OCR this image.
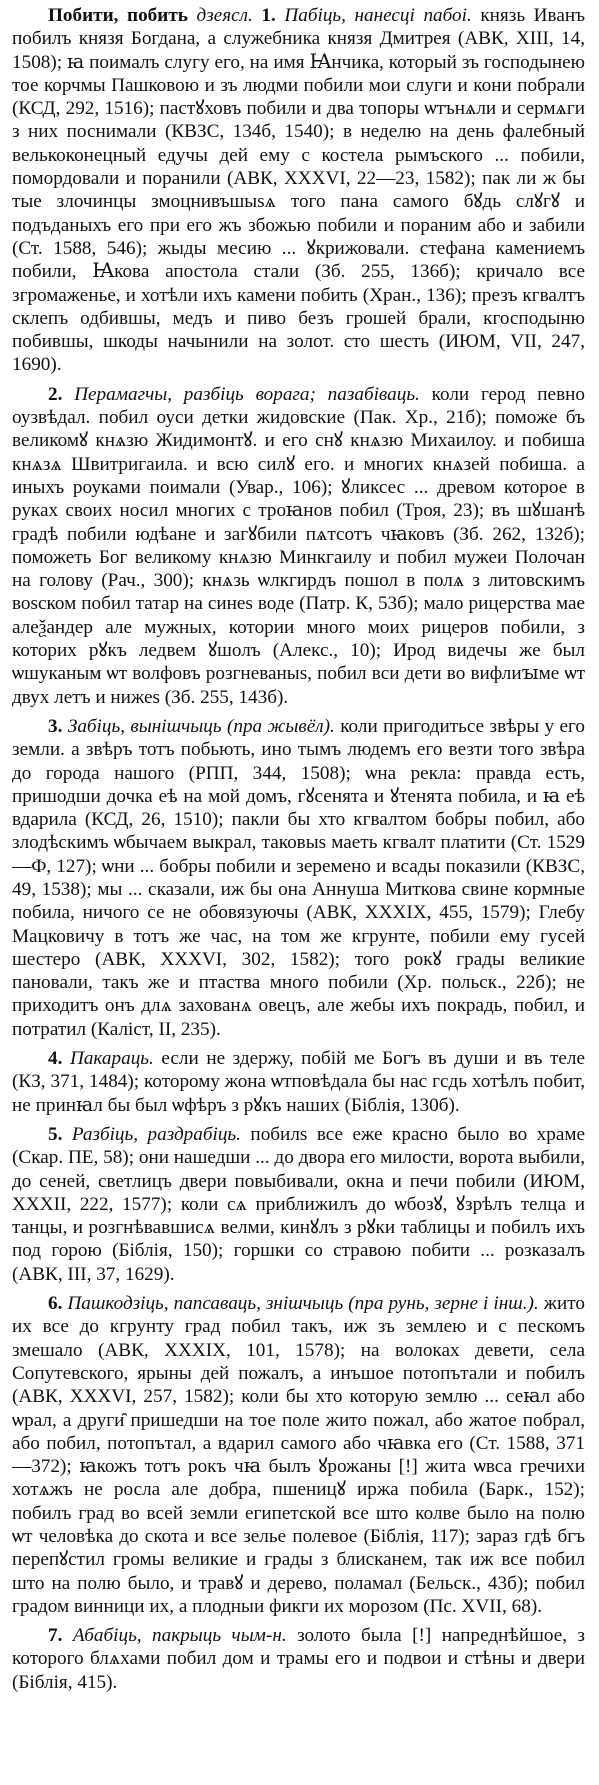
Побити, побить дзеясл. 1. Пабіць, нанесці пабоі. князь Иванъ побилъ князя Богдана, а служебника князя Дмитрея (АВК, XIII, 14, 1508); ꙗ поималъ слугу его, на имя Ꙗнчика, который зъ господынею тое корчмы Пашковою и зъ людми побили мои слуги и кони побрали (КСД, 292, 1516); пастꙋховъ побили и два топоры ѡтънѧли и сермѧги з них поснимали (КВЗС, 134б, 1540); в неделю на день фалебный велькоконецный едучы дей ему с костела рымъского ... побили, помордовали и поранили (АВК, XXXVI, 22—23, 1582); пак ли ж бы тые злочинцы змоцнивъшыѕѧ того пана самого бꙋдь слꙋгꙋ и подъданыхъ его при его жъ збожью побили и пораним або и забили (Ст. 1588, 546); жыды месию ... ꙋкрижовали. стефана камениемъ побили, Ꙗкова апостола стали (Зб. 255, 136б); кричало все згромаженье, и хотѣли ихъ камени побить (Хран., 136); презъ кгвалтъ склепъ одбившы, медъ и пиво безъ грошей брали, кгосподыню побившы, шкоды начынили на золот. сто шесть (ИЮМ, VII, 247, 1690).

2. Перамагчы, разбіць ворага; пазабіваць. коли герод певно оузвѣдал. побил оуси детки жидовские (Пак. Хр., 21б); поможе бъ великомꙋ кнѧзю Жидимонтꙋ. и его снꙋ кнѧзю Михаилоу. и побиша кнѧзѧ Швитригаила. и всю силꙋ его. и многих кнѧзей побиша. а иныхъ роуками поимали (Увар., 106); ꙋликсес ... древом которое в руках своих носил многих с троꙗнов побил (Троя, 23); въ шꙋшанѣ градѣ побили юдѣане и загꙋбили пѧтсотъ чꙗковъ (Зб. 262, 132б); поможеть Бог великому кнѧзю Минкгаилу и побил мужеи Полочан на голову (Рач., 300); кнѧзь ѡлкгирдъ пошол в полѧ з литовскимъ воѕском побил татар на синеѕ воде (Патр. К, 53б); мало рицерства мае алеѯандер але мужных, котории много моих рицеров побили, з которих рꙋкъ ледвем ꙋшолъ (Алекс., 10); Ирод видечы же был ѡшуканым ѡт волфовъ розгневаныѕ, побил вси дети во вифлиꙑме ѡт двух летъ и нижеѕ (Зб. 255, 143б).

3. Забіць, вынішчыць (пра жывёл). коли пригодитьсе звѣры у его земли. а звѣръ тотъ побьють, ино тымъ людемъ его везти того звѣра до города нашого (РПП, 344, 1508); ѡна рекла: правда есть, пришодши дочка еѣ на мой домъ, гꙋсенята и ꙋтенята побила, и ꙗ еѣ вдарила (КСД, 26, 1510); пакли бы хто кгвалтом бобры побил, або злодѣскимъ ѡбычаем выкрал, таковыѕ маеть кгвалт платити (Ст. 1529—Ф, 127); ѡни ... бобры побили и зеремено и всады показили (КВЗС, 49, 1538); мы ... сказали, иж бы она Аннуша Миткова свине кормные побила, ничого се не обовязуючы (АВК, XXXIX, 455, 1579); Глебу Мацковичу в тотъ же час, на том же кгрунте, побили ему гусей шестеро (АВК, XXXVI, 302, 1582); того рокꙋ грады великие пановали, такъ же и птаства много побили (Хр. польск., 22б); не приходитъ онъ длѧ захованѧ овецъ, але жебы ихъ покрадь, побил, и потратил (Каліст, II, 235).

4. Пакараць. если не здержу, побій ме Богъ въ души и въ теле (КЗ, 371, 1484); которому жона ѡтповѣдала бы нас гсдь хотѣлъ побит, не принꙗл бы был ѡфѣръ з рꙋкъ наших (Біблія, 130б).

5. Разбіць, раздрабіць. побилѕ все еже красно было во храме (Скар. ПЕ, 58); они нашедши ... до двора его милости, ворота выбили, до сеней, светлицъ двери повыбивали, окна и печи побили (ИЮМ, XXXII, 222, 1577); коли сѧ приближилъ до ѡбозꙋ, ꙋзрѣлъ телца и танцы, и розгнѣвавшисѧ велми, кинꙋлъ з рꙋки таблицы и побилъ ихъ под горою (Біблія, 150); горшки со стравою побити ... розказалъ (АВК, III, 37, 1629).

6. Пашкодзіць, папсаваць, знішчыць (пра рунь, зерне і інш.). жито их все до кгрунту град побил такъ, иж зъ землею и с пескомъ змешало (АВК, XXXIX, 101, 1578); на волоках девети, села Сопутевского, ярыны дей пожалъ, а инъшое потопътали и побилъ (АВК, XXXVI, 257, 1582); коли бы хто которую землю ... сеꙗл або ѡрал, а други̑ пришедши на тое поле жито пожал, або жатое побрал, або побил, потопътал, а вдарил самого або чꙗвка его (Ст. 1588, 371—372); ꙗкожъ тотъ рокъ чꙗ былъ ꙋрожаны [!] жита ѡвса гречихи хотѧжъ не росла але добра, пшеницꙋ иржа побила (Барк., 152); побилъ град во всей земли египетской все што колве было на полю ѡт человѣка до скота и все зелье полевое (Біблія, 117); зараз гдѣ бгъ перепꙋстил громы великие и грады з блисканем, так иж все побил што на полю было, и травꙋ и дерево, поламал (Бельск., 43б); побил градом винници их, а плодныи фикги их морозом (Пс. XVII, 68).

7. Абабіць, пакрыць чым-н. золото была [!] напреднѣйшое, з которого блѧхами побил дом и трамы его и подвои и стѣны и двери (Біблія, 415).
